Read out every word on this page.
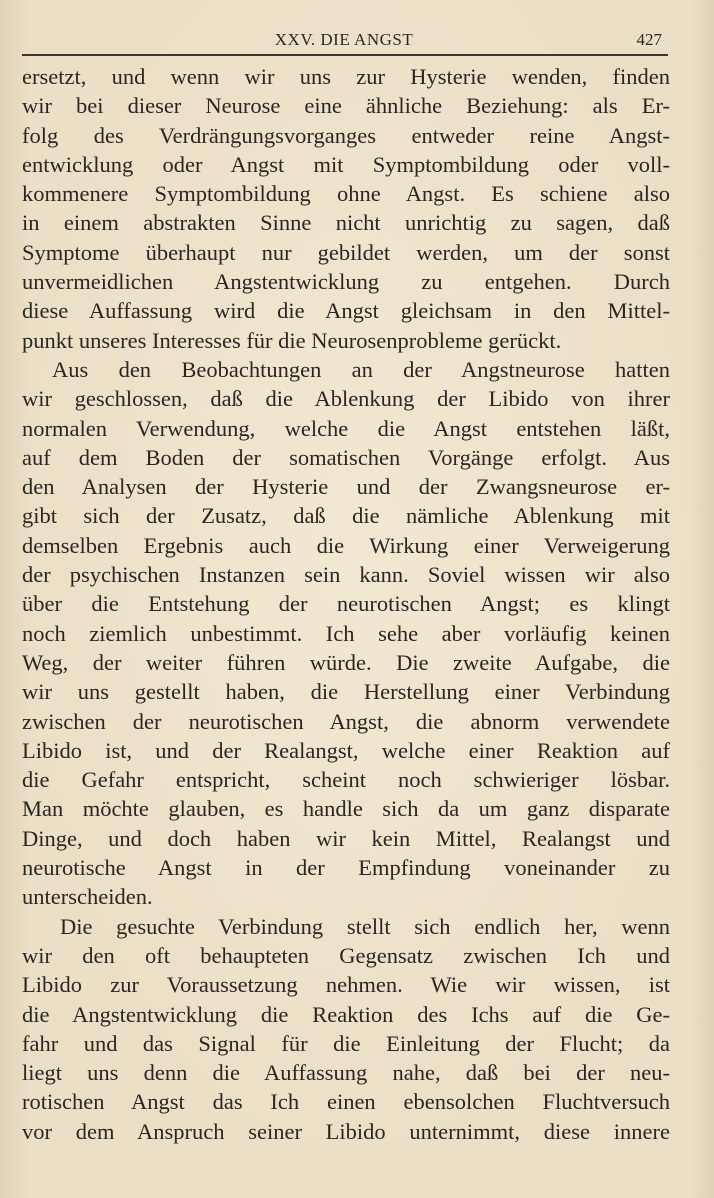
XXV. DIE ANGST	427
ersetzt, und wenn wir uns zur Hysterie wenden, finden
wir bei dieser Neurose eine ähnliche Beziehung: als Er-
folg des Verdrängungsvorganges entweder reine Angst-
entwicklung oder Angst mit Symptombildung oder voll-
kommenere Symptombildung ohne Angst. Es schiene also
in einem abstrakten Sinne nicht unrichtig zu sagen, daß
Symptome überhaupt nur gebildet werden, um der sonst
unvermeidlichen Angstentwicklung zu entgehen. Durch
diese Auffassung wird die Angst gleichsam in den Mittel-
punkt unseres Interesses für die Neurosenprobleme gerückt.
Aus den Beobachtungen an der Angstneurose hatten
wir geschlossen, daß die Ablenkung der Libido von ihrer
normalen Verwendung, welche die Angst entstehen läßt,
auf dem Boden der somatischen Vorgänge erfolgt. Aus
den Analysen der Hysterie und der Zwangsneurose er-
gibt sich der Zusatz, daß die nämliche Ablenkung mit
demselben Ergebnis auch die Wirkung einer Verweigerung
der psychischen Instanzen sein kann. Soviel wissen wir also
über die Entstehung der neurotischen Angst; es klingt
noch ziemlich unbestimmt. Ich sehe aber vorläufig keinen
Weg, der weiter führen würde. Die zweite Aufgabe, die
wir uns gestellt haben, die Herstellung einer Verbindung
zwischen der neurotischen Angst, die abnorm verwendete
Libido ist, und der Realangst, welche einer Reaktion auf
die Gefahr entspricht, scheint noch schwieriger lösbar.
Man möchte glauben, es handle sich da um ganz disparate
Dinge, und doch haben wir kein Mittel, Realangst und
neurotische Angst in der Empfindung voneinander zu
unterscheiden.
Die gesuchte Verbindung stellt sich endlich her, wenn
wir den oft behaupteten Gegensatz zwischen Ich und
Libido zur Voraussetzung nehmen. Wie wir wissen, ist
die Angstentwicklung die Reaktion des Ichs auf die Ge-
fahr und das Signal für die Einleitung der Flucht; da
liegt uns denn die Auffassung nahe, daß bei der neu-
rotischen Angst das Ich einen ebensolchen Fluchtversuch
vor dem Anspruch seiner Libido unternimmt, diese innere
